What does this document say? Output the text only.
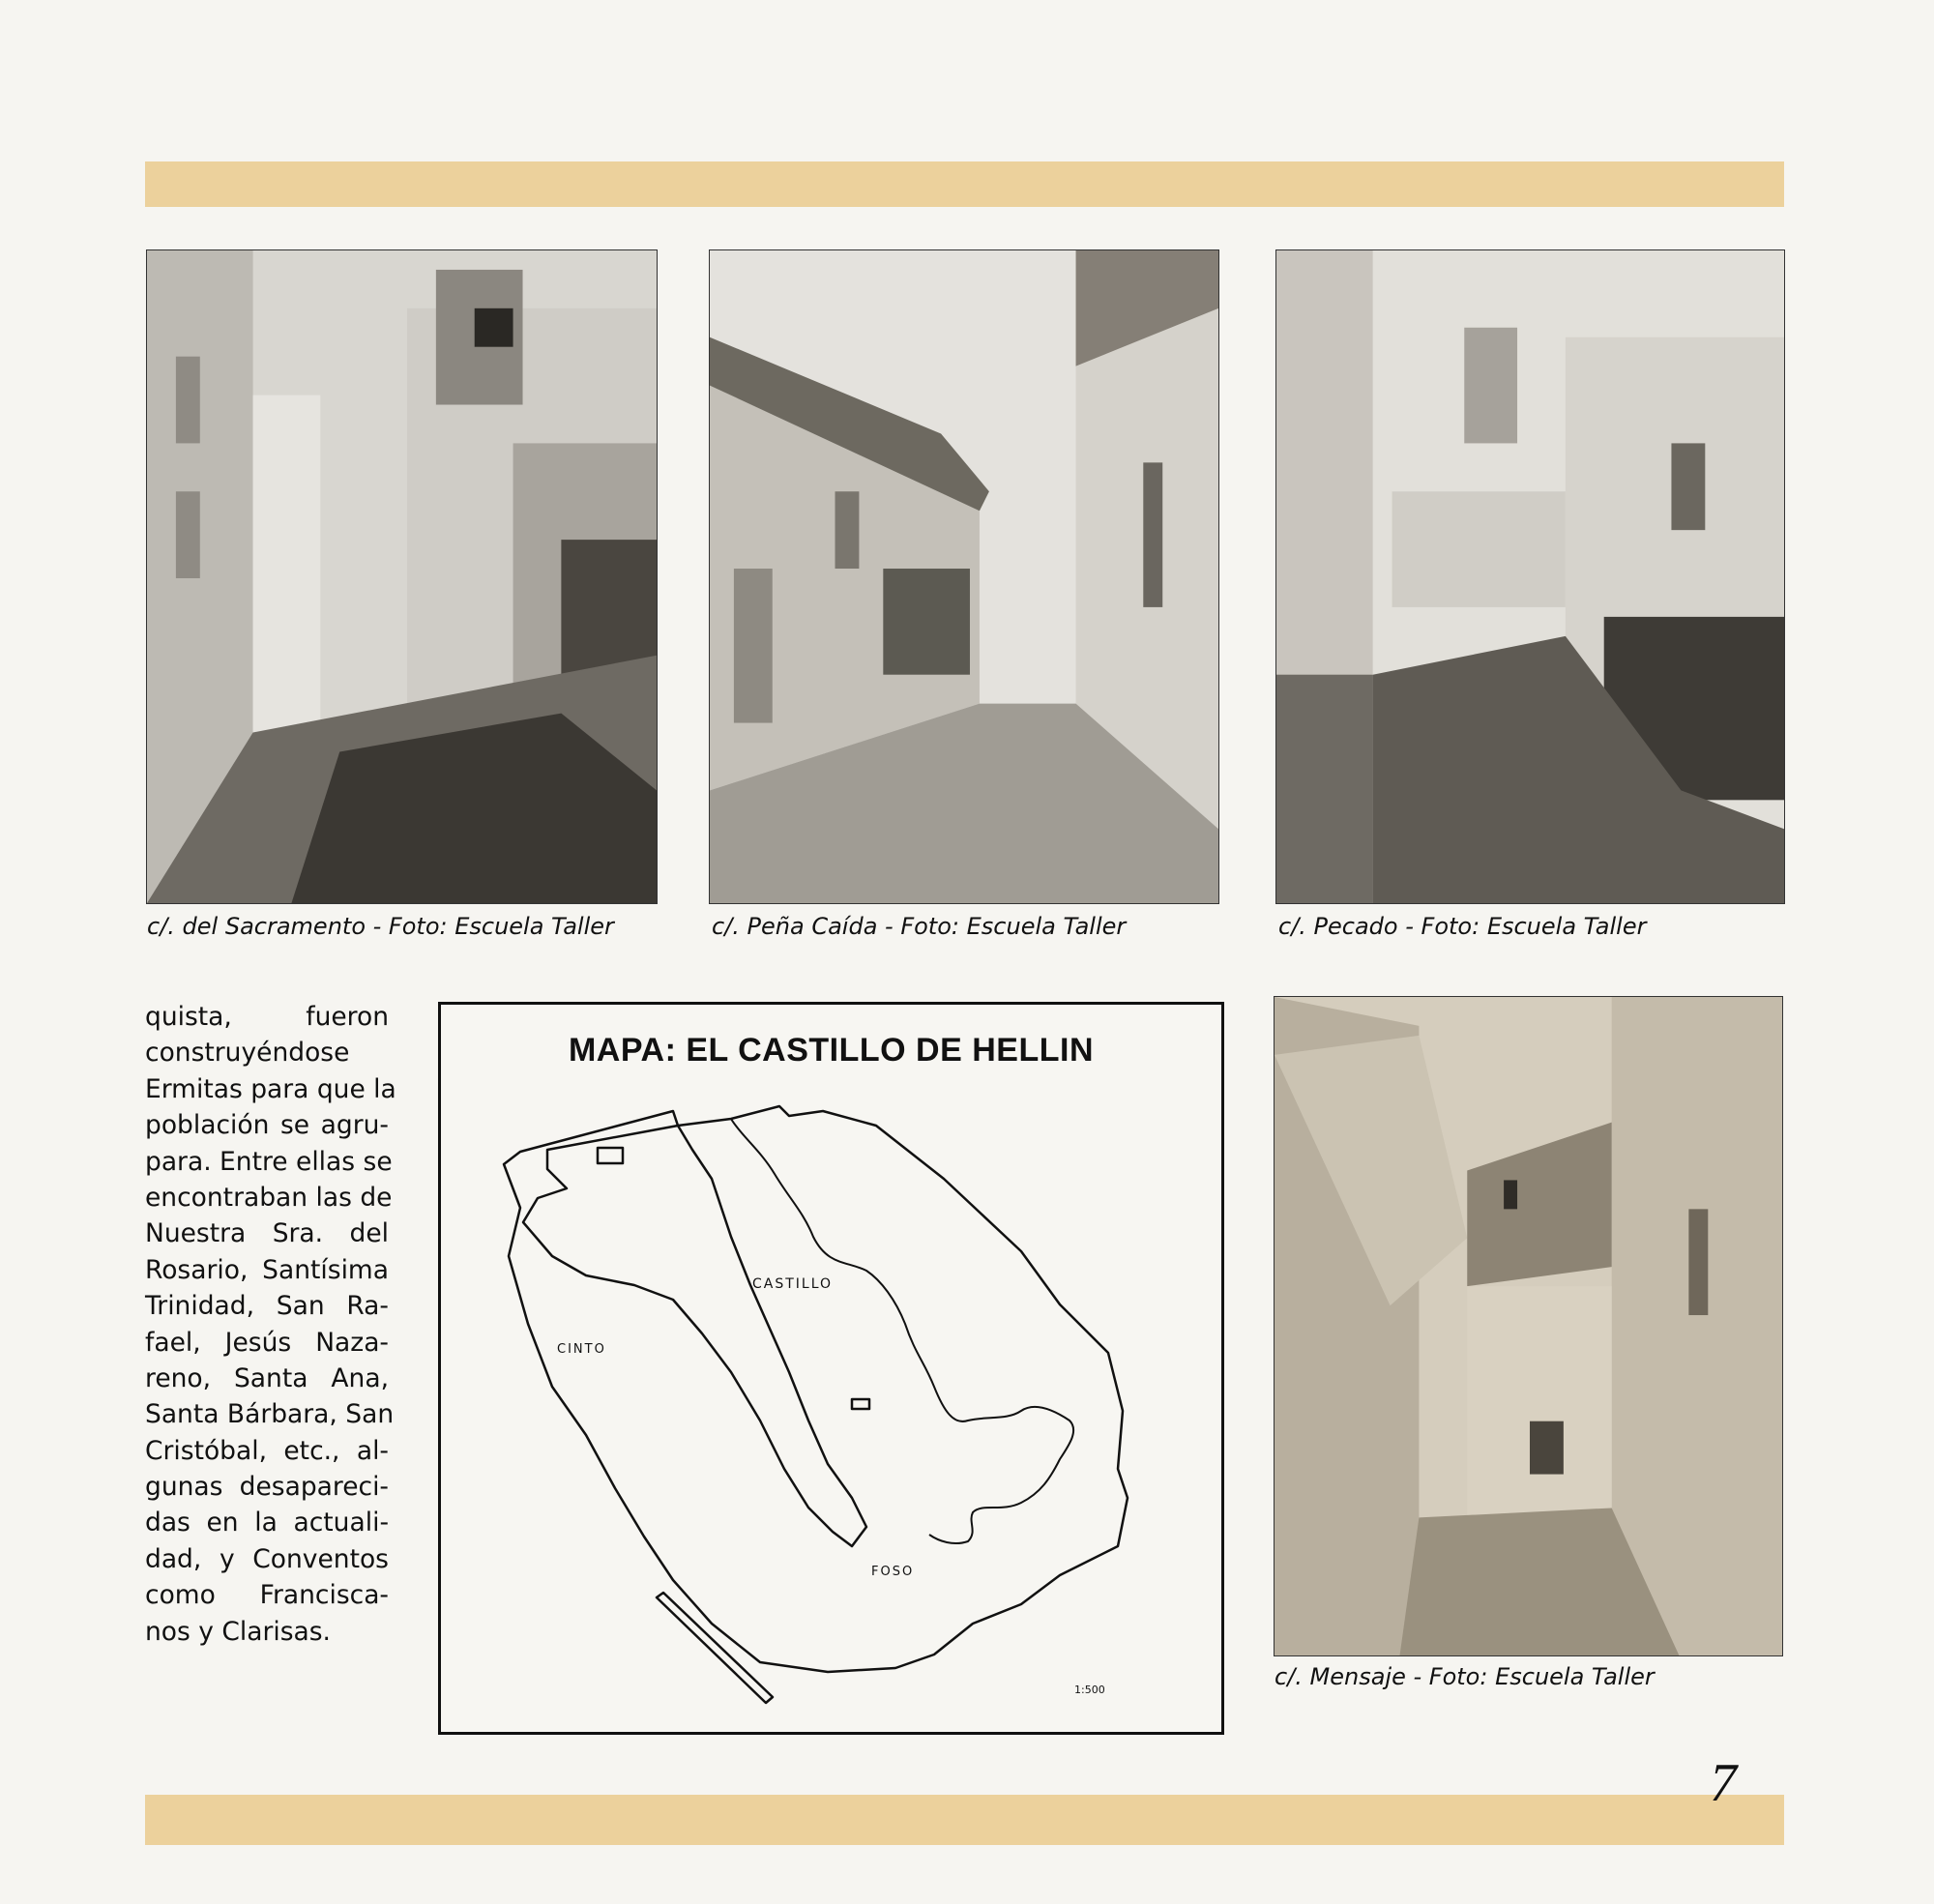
c/. del Sacramento - Foto: Escuela Taller	c/. Peña Caída - Foto: Escuela Taller	c/. Pecado - Foto: Escuela Taller
c/. Mensaje - Foto: Escuela Taller
quista, fueron
construyéndose
Ermitas para que la
población se agru-
para. Entre ellas se
encontraban las de
Nuestra Sra. del
Rosario, Santísima
Trinidad, San Ra-
fael, Jesús Naza-
reno, Santa Ana,
Santa Bárbara, San
Cristóbal, etc., al-
gunas desapareci-
das en la actuali-
dad, y Conventos
como Francisca-
nos y Clarisas.
MAPA: EL CASTILLO DE HELLIN
CASTILLO
CINTO
FOSO
1:500
7
